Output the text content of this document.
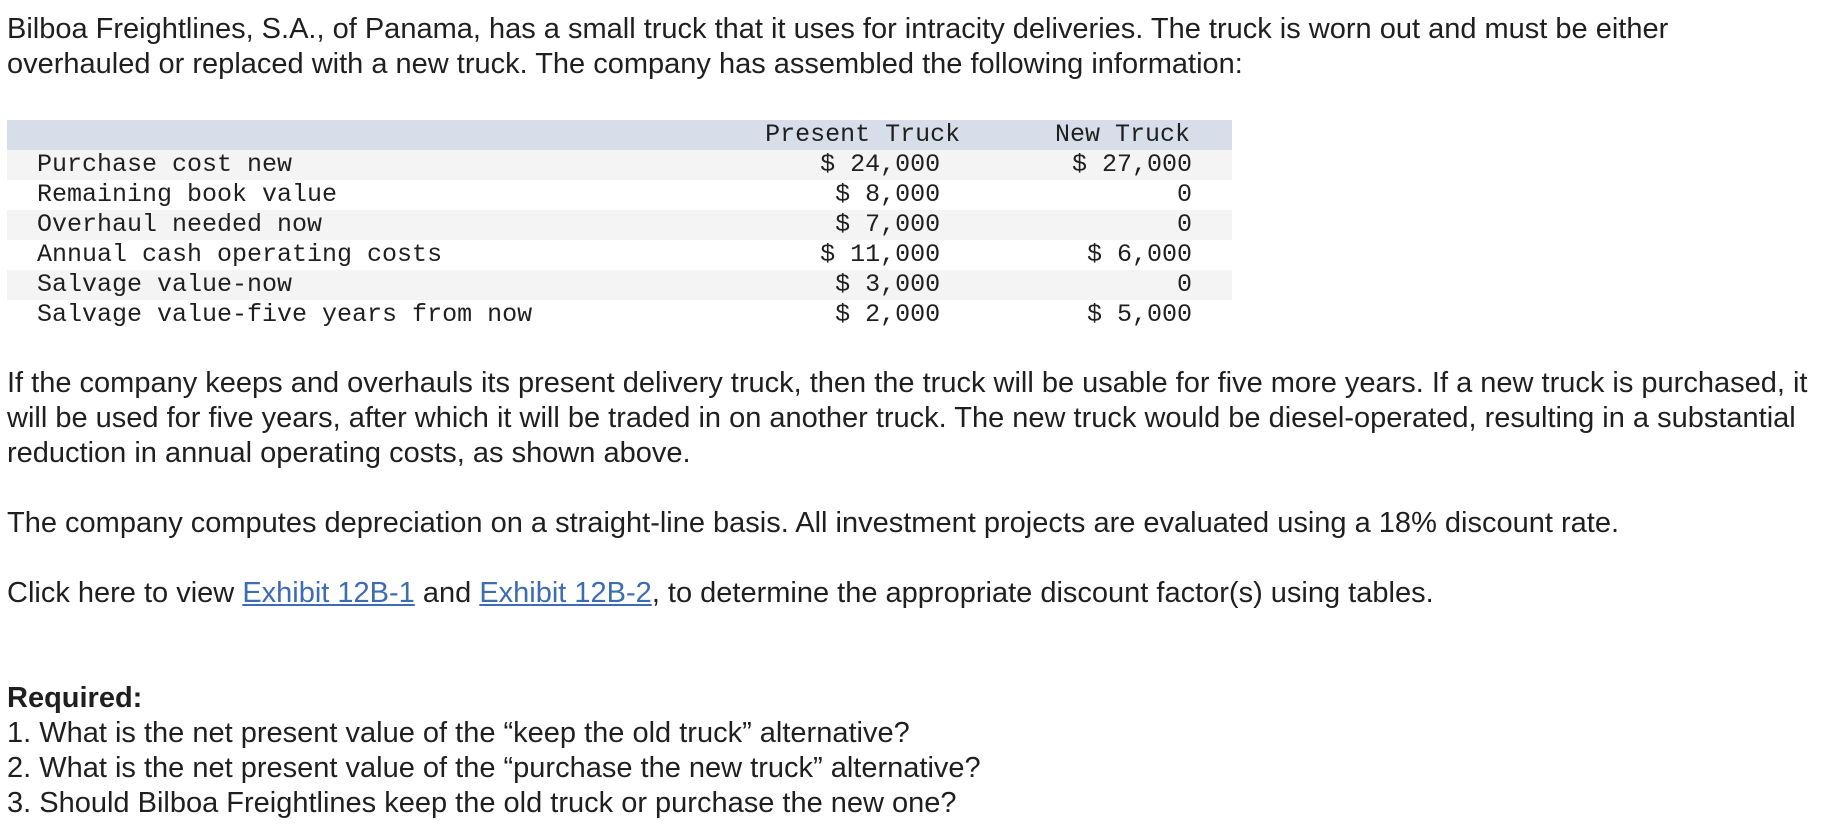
Bilboa Freightlines, S.A., of Panama, has a small truck that it uses for intracity deliveries. The truck is worn out and must be either overhauled or replaced with a new truck. The company has assembled the following information:

	Present Truck	New Truck
Purchase cost new	$ 24,000	$ 27,000
Remaining book value	$ 8,000	0
Overhaul needed now	$ 7,000	0
Annual cash operating costs	$ 11,000	$ 6,000
Salvage value-now	$ 3,000	0
Salvage value-five years from now	$ 2,000	$ 5,000

If the company keeps and overhauls its present delivery truck, then the truck will be usable for five more years. If a new truck is purchased, it will be used for five years, after which it will be traded in on another truck. The new truck would be diesel-operated, resulting in a substantial reduction in annual operating costs, as shown above.

The company computes depreciation on a straight-line basis. All investment projects are evaluated using a 18% discount rate.

Click here to view Exhibit 12B-1 and Exhibit 12B-2, to determine the appropriate discount factor(s) using tables.

Required:

1. What is the net present value of the “keep the old truck” alternative?

2. What is the net present value of the “purchase the new truck” alternative?

3. Should Bilboa Freightlines keep the old truck or purchase the new one?
